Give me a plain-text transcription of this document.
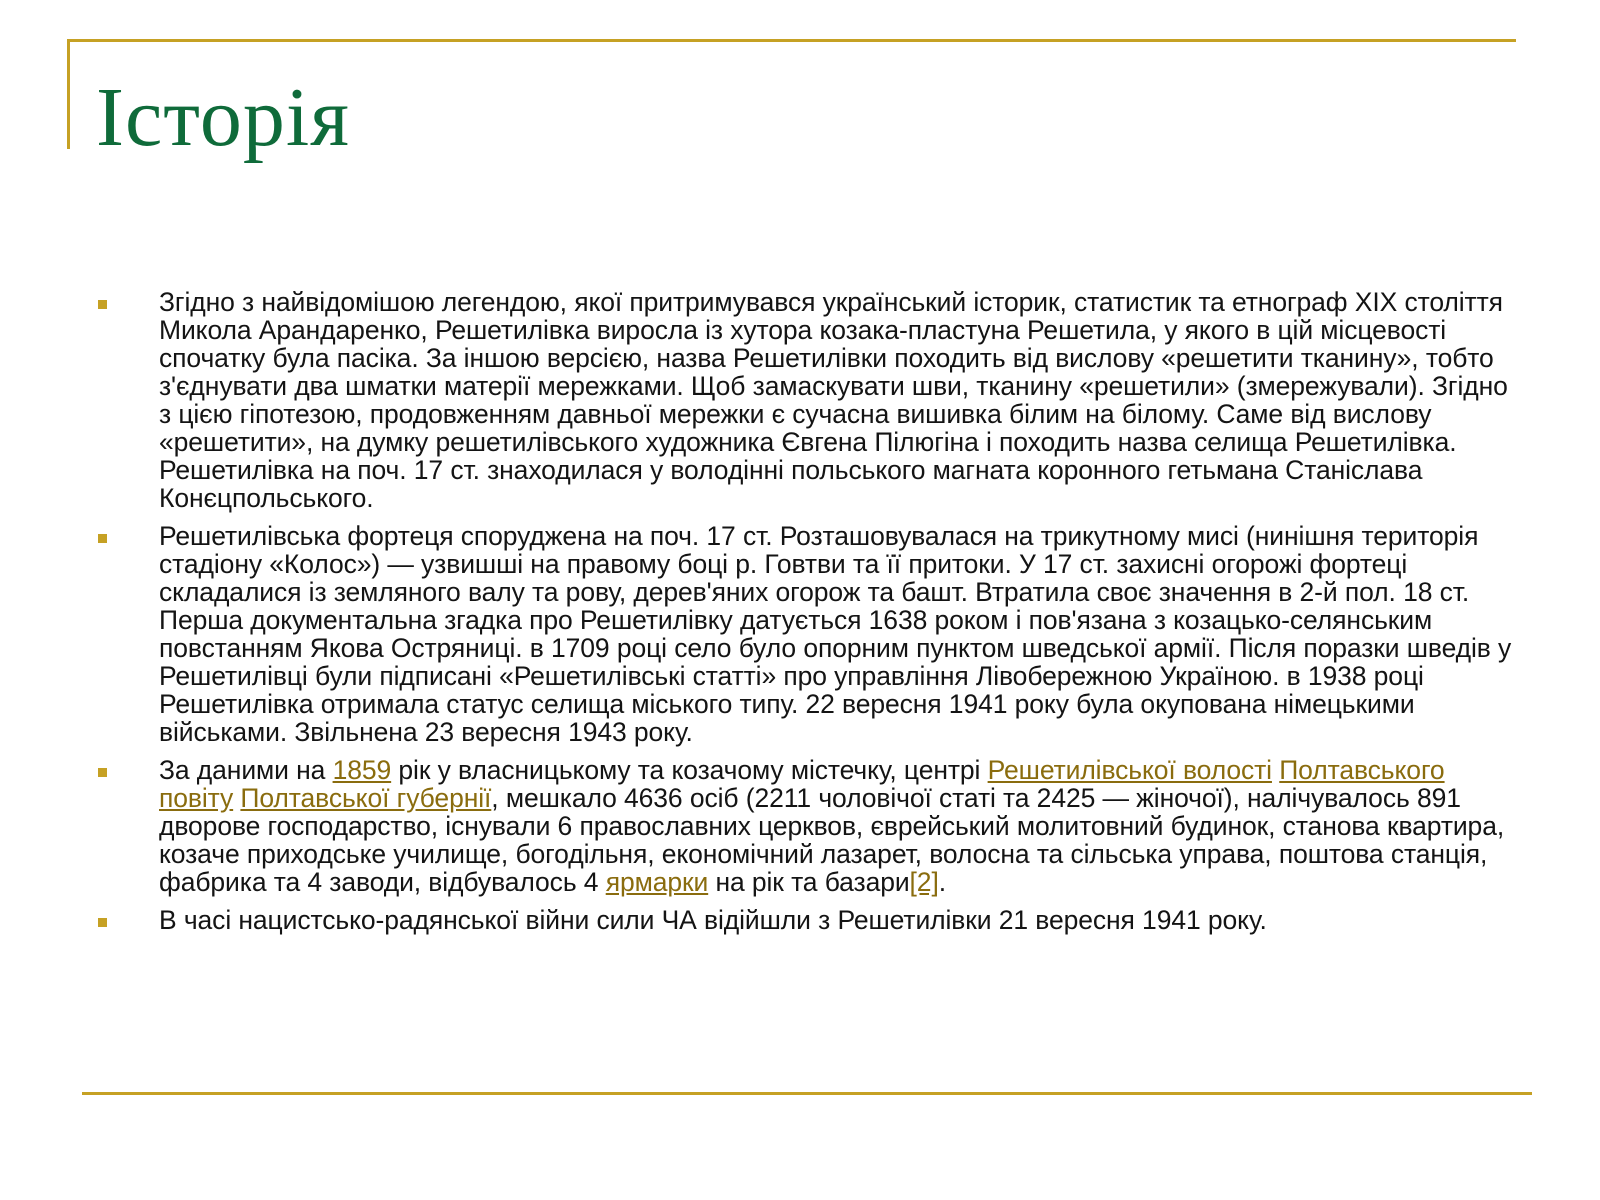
Історія
Згідно з найвідомішою легендою, якої притримувався український історик, статистик та етнограф XIX століття Микола Арандаренко, Решетилівка виросла із хутора козака-пластуна Решетила, у якого в цій місцевості спочатку була пасіка. За іншою версією, назва Решетилівки походить від вислову «решетити тканину», тобто з'єднувати два шматки матерії мережками. Щоб замаскувати шви, тканину «решетили» (змережували). Згідно з цією гіпотезою, продовженням давньої мережки є сучасна вишивка білим на білому. Саме від вислову «решетити», на думку решетилівського художника Євгена Пілюгіна і походить назва селища Решетилівка. Решетилівка на поч. 17 ст. знаходилася у володінні польського магната коронного гетьмана Станіслава Конєцпольського.
Решетилівська фортеця споруджена на поч. 17 ст. Розташовувалася на трикутному мисі (нинішня територія стадіону «Колос») — узвишші на правому боці р. Говтви та її притоки. У 17 ст. захисні огорожі фортеці складалися із земляного валу та рову, дерев'яних огорож та башт. Втратила своє значення в 2-й пол. 18 ст. Перша документальна згадка про Решетилівку датується 1638 роком і пов'язана з козацько-селянським повстанням Якова Остряниці. в 1709 році село було опорним пунктом шведської армії. Після поразки шведів у Решетилівці були підписані «Решетилівські статті» про управління Лівобережною Україною. в 1938 році Решетилівка отримала статус селища міського типу. 22 вересня 1941 року була окупована німецькими військами. Звільнена 23 вересня 1943 року.
За даними на 1859 рік у власницькому та козачому містечку, центрі Решетилівської волості Полтавського повіту Полтавської губернії, мешкало 4636 осіб (2211 чоловічої статі та 2425 — жіночої), налічувалось 891 дворове господарство, існували 6 православних церквов, єврейський молитовний будинок, станова квартира, козаче приходське училище, богодільня, економічний лазарет, волосна та сільська управа, поштова станція, фабрика та 4 заводи, відбувалось 4 ярмарки на рік та базари[2].
В часі нацистсько-радянської війни сили ЧА відійшли з Решетилівки 21 вересня 1941 року.
